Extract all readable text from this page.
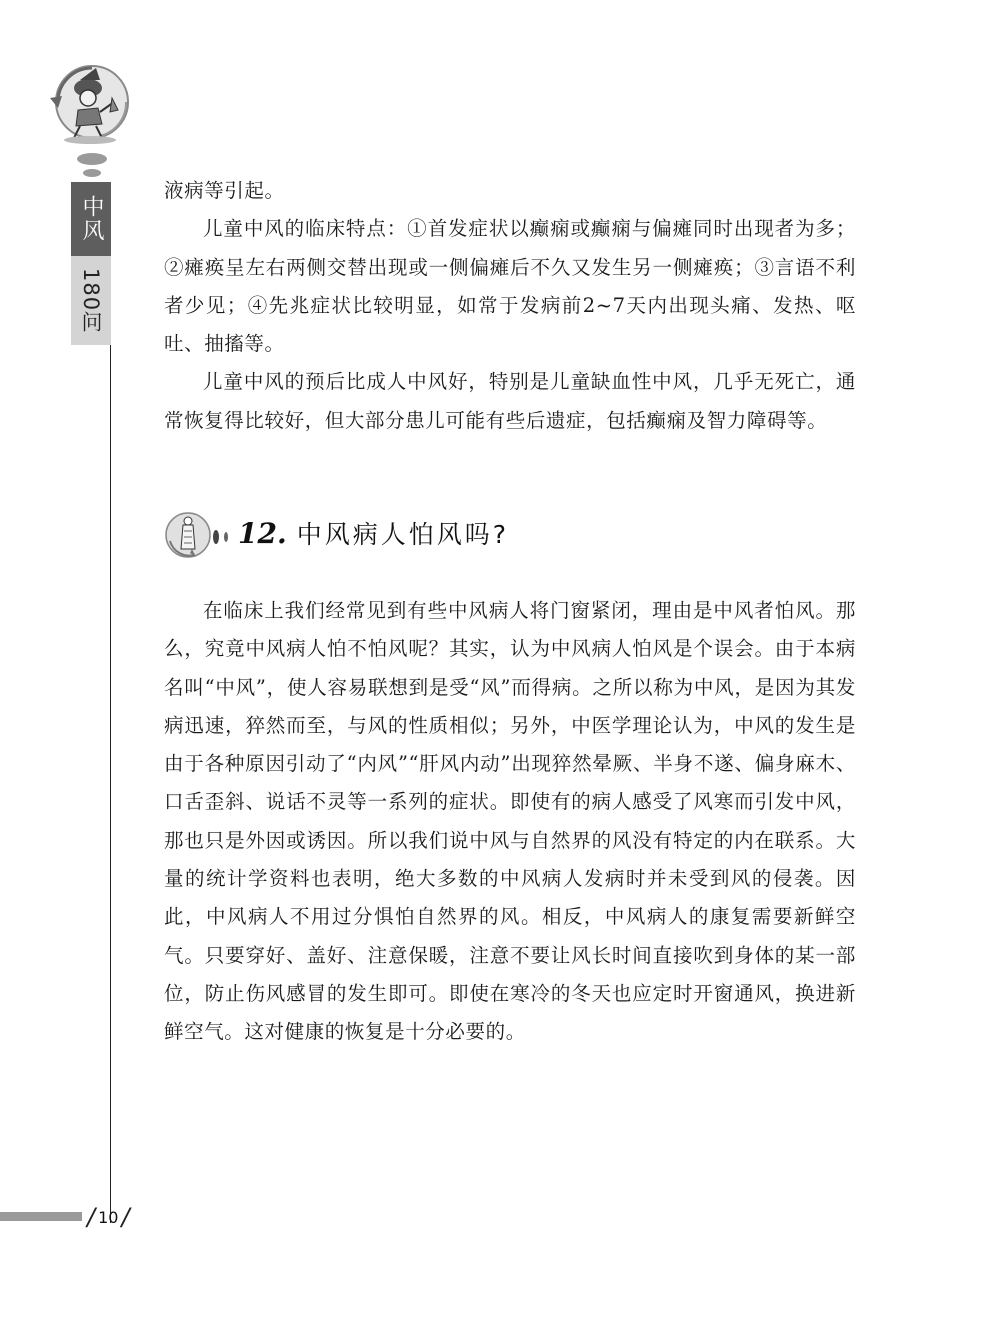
中风
180问

液病等引起。

儿童中风的临床特点：①首发症状以癫痫或癫痫与偏瘫同时出现者为多；②瘫痪呈左右两侧交替出现或一侧偏瘫后不久又发生另一侧瘫痪；③言语不利者少见；④先兆症状比较明显，如常于发病前2~7天内出现头痛、发热、呕吐、抽搐等。

儿童中风的预后比成人中风好，特别是儿童缺血性中风，几乎无死亡，通常恢复得比较好，但大部分患儿可能有些后遗症，包括癫痫及智力障碍等。

12. 中风病人怕风吗?

在临床上我们经常见到有些中风病人将门窗紧闭，理由是中风者怕风。那么，究竟中风病人怕不怕风呢？其实，认为中风病人怕风是个误会。由于本病名叫“中风”，使人容易联想到是受“风”而得病。之所以称为中风，是因为其发病迅速，猝然而至，与风的性质相似；另外，中医学理论认为，中风的发生是由于各种原因引动了“内风”“肝风内动”出现猝然晕厥、半身不遂、偏身麻木、口舌歪斜、说话不灵等一系列的症状。即使有的病人感受了风寒而引发中风，那也只是外因或诱因。所以我们说中风与自然界的风没有特定的内在联系。大量的统计学资料也表明，绝大多数的中风病人发病时并未受到风的侵袭。因此，中风病人不用过分惧怕自然界的风。相反，中风病人的康复需要新鲜空气。只要穿好、盖好、注意保暖，注意不要让风长时间直接吹到身体的某一部位，防止伤风感冒的发生即可。即使在寒冷的冬天也应定时开窗通风，换进新鲜空气。这对健康的恢复是十分必要的。

/ 10 /
